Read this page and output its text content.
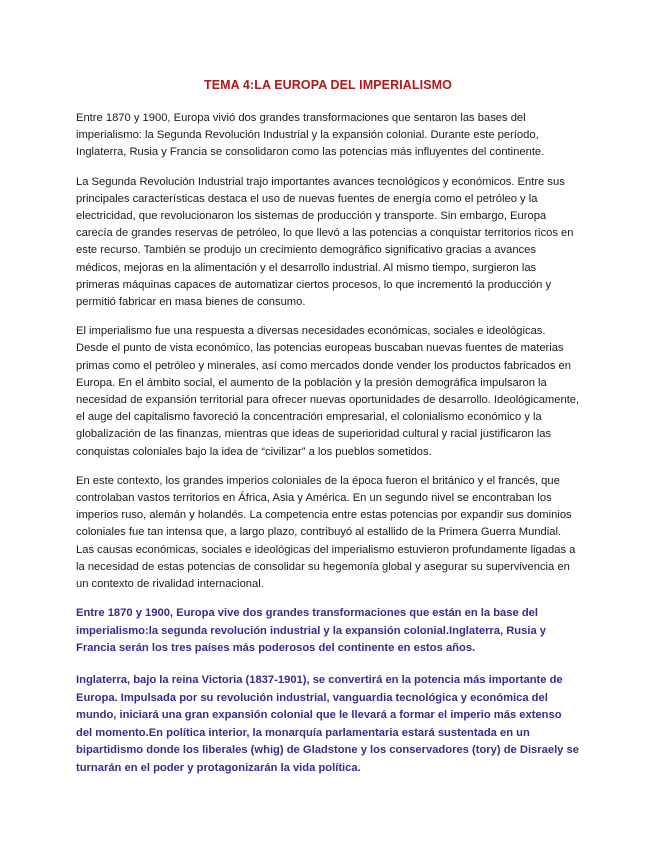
TEMA 4:LA EUROPA DEL IMPERIALISMO

Entre 1870 y 1900, Europa vivió dos grandes transformaciones que sentaron las bases del imperialismo: la Segunda Revolución Industrial y la expansión colonial. Durante este período, Inglaterra, Rusia y Francia se consolidaron como las potencias más influyentes del continente.

La Segunda Revolución Industrial trajo importantes avances tecnológicos y económicos. Entre sus principales características destaca el uso de nuevas fuentes de energía como el petróleo y la electricidad, que revolucionaron los sistemas de producción y transporte. Sin embargo, Europa carecía de grandes reservas de petróleo, lo que llevó a las potencias a conquistar territorios ricos en este recurso. También se produjo un crecimiento demográfico significativo gracias a avances médicos, mejoras en la alimentación y el desarrollo industrial. Al mismo tiempo, surgieron las primeras máquinas capaces de automatizar ciertos procesos, lo que incrementó la producción y permitió fabricar en masa bienes de consumo.

El imperialismo fue una respuesta a diversas necesidades económicas, sociales e ideológicas. Desde el punto de vista económico, las potencias europeas buscaban nuevas fuentes de materias primas como el petróleo y minerales, así como mercados donde vender los productos fabricados en Europa. En el ámbito social, el aumento de la población y la presión demográfica impulsaron la necesidad de expansión territorial para ofrecer nuevas oportunidades de desarrollo. Ideológicamente, el auge del capitalismo favoreció la concentración empresarial, el colonialismo económico y la globalización de las finanzas, mientras que ideas de superioridad cultural y racial justificaron las conquistas coloniales bajo la idea de “civilizar” a los pueblos sometidos.

En este contexto, los grandes imperios coloniales de la época fueron el británico y el francés, que controlaban vastos territorios en África, Asia y América. En un segundo nivel se encontraban los imperios ruso, alemán y holandés. La competencia entre estas potencias por expandir sus dominios coloniales fue tan intensa que, a largo plazo, contribuyó al estallido de la Primera Guerra Mundial. Las causas económicas, sociales e ideológicas del imperialismo estuvieron profundamente ligadas a la necesidad de estas potencias de consolidar su hegemonía global y asegurar su supervivencia en un contexto de rivalidad internacional.

Entre 1870 y 1900, Europa vive dos grandes transformaciones que están en la base del imperialismo:la segunda revolución industrial y la expansión colonial.Inglaterra, Rusia y Francia serán los tres países más poderosos del continente en estos años.

Inglaterra, bajo la reina Victoria (1837-1901), se convertirá en la potencia más importante de Europa. Impulsada por su revolución industrial, vanguardia tecnológica y económica del mundo, iniciará una gran expansión colonial que le llevará a formar el imperio más extenso del momento.En política interior, la monarquía parlamentaria estará sustentada en un bipartidismo donde los liberales (whig) de Gladstone y los conservadores (tory) de Disraely se turnarán en el poder y protagonizarán la vida política.
